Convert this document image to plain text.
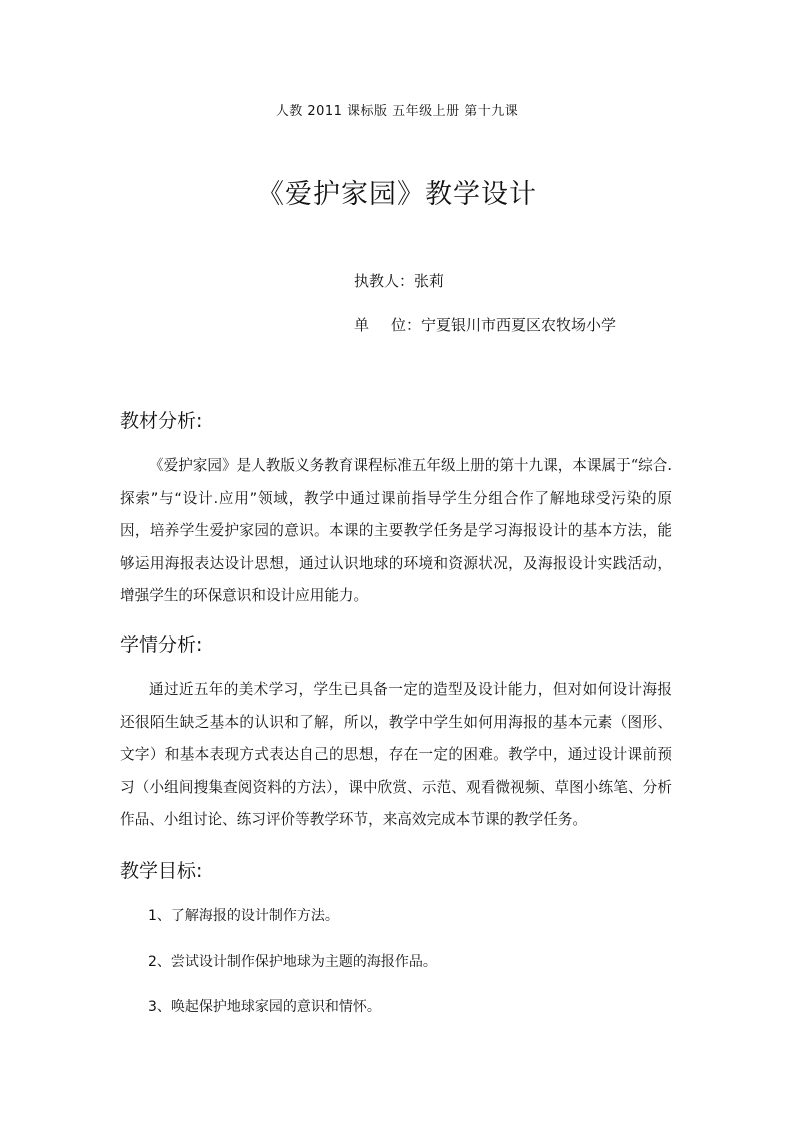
人教 2011 课标版 五年级上册 第十九课
《爱护家园》教学设计
执教人：张莉
单 位：宁夏银川市西夏区农牧场小学
教材分析:
《爱护家园》是人教版义务教育课程标准五年级上册的第十九课，本课属于“综合.探索”与“设计.应用”领域，教学中通过课前指导学生分组合作了解地球受污染的原因，培养学生爱护家园的意识。本课的主要教学任务是学习海报设计的基本方法，能够运用海报表达设计思想，通过认识地球的环境和资源状况，及海报设计实践活动，增强学生的环保意识和设计应用能力。
学情分析:
通过近五年的美术学习，学生已具备一定的造型及设计能力，但对如何设计海报还很陌生缺乏基本的认识和了解，所以，教学中学生如何用海报的基本元素（图形、文字）和基本表现方式表达自己的思想，存在一定的困难。教学中，通过设计课前预习（小组间搜集查阅资料的方法），课中欣赏、示范、观看微视频、草图小练笔、分析作品、小组讨论、练习评价等教学环节，来高效完成本节课的教学任务。
教学目标:
1、了解海报的设计制作方法。
2、尝试设计制作保护地球为主题的海报作品。
3、唤起保护地球家园的意识和情怀。
